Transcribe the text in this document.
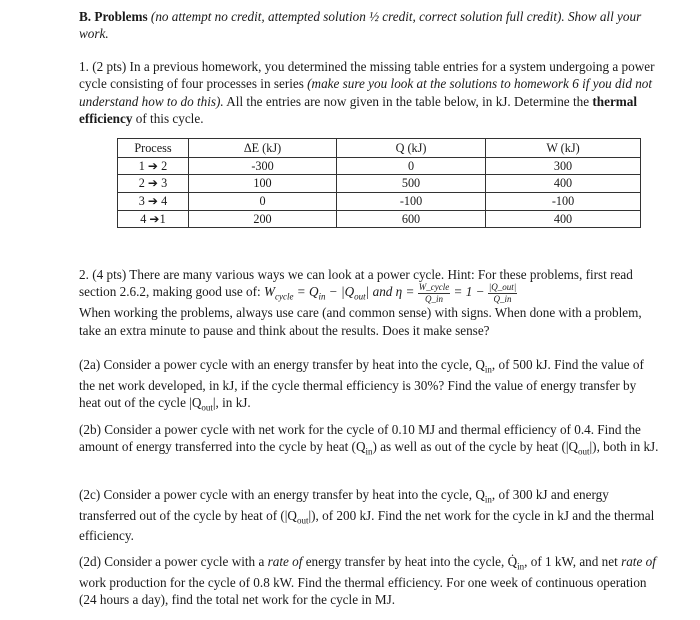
B. Problems (no attempt no credit, attempted solution ½ credit, correct solution full credit). Show all your work.

1. (2 pts) In a previous homework, you determined the missing table entries for a system undergoing a power cycle consisting of four processes in series (make sure you look at the solutions to homework 6 if you did not understand how to do this). All the entries are now given in the table below, in kJ. Determine the thermal efficiency of this cycle.

Process	ΔE (kJ)	Q (kJ)	W (kJ)
1 ➔ 2	-300	0	300
2 ➔ 3	100	500	400
3 ➔ 4	0	-100	-100
4 ➔1	200	600	400
2. (4 pts) There are many various ways we can look at a power cycle. Hint: For these problems, first read section 2.6.2, making good use of: $W_{cycle} = Q_{in} - |Q_{out}|$ and $\eta = \frac{\text{W\_cycle}}{Q\_in} = 1 - \frac{\text{|Q\_out|}}{Q\_in}$

When working the problems, always use care (and common sense) with signs. When done with a problem, take an extra minute to pause and think about the results. Does it make sense?

(2a) Consider a power cycle with an energy transfer by heat into the cycle, $Q_{in}$, of 500 kJ. Find the value of the net work developed, in kJ, if the cycle thermal efficiency is 30%? Find the value of energy transfer by heat out of the cycle $|Q_{out}|$, in kJ.

(2b) Consider a power cycle with net work for the cycle of 0.10 MJ and thermal efficiency of 0.4. Find the amount of energy transferred into the cycle by heat $(Q_{in})$ as well as out of the cycle by heat $(|Q_{out}|)$, both in kJ.

(2c) Consider a power cycle with an energy transfer by heat into the cycle, $Q_{in}$, of 300 kJ and energy transferred out of the cycle by heat of $(|Q_{out}|)$, of 200 kJ. Find the net work for the cycle in kJ and the thermal efficiency.

(2d) Consider a power cycle with a rate of energy transfer by heat into the cycle, $Q̇_{in}$, of 1 kW, and net rate of work production for the cycle of 0.8 kW. Find the thermal efficiency. For one week of continuous operation (24 hours a day), find the total net work for the cycle in MJ.
